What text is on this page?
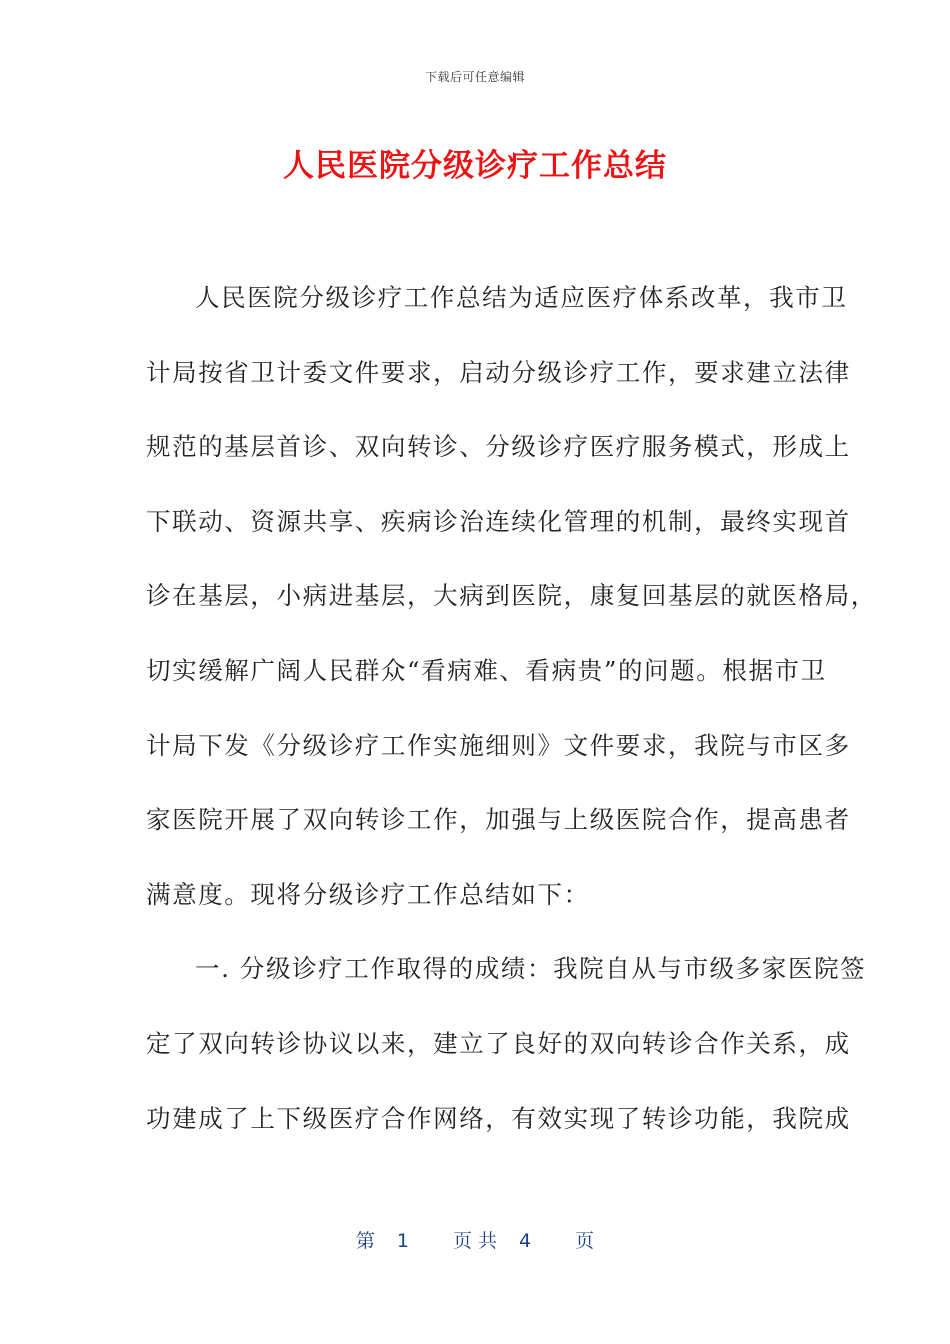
下载后可任意编辑
人民医院分级诊疗工作总结
人民医院分级诊疗工作总结为适应医疗体系改革，我市卫
计局按省卫计委文件要求，启动分级诊疗工作，要求建立法律
规范的基层首诊、双向转诊、分级诊疗医疗服务模式，形成上
下联动、资源共享、疾病诊治连续化管理的机制，最终实现首
诊在基层，小病进基层，大病到医院，康复回基层的就医格局，
切实缓解广阔人民群众“看病难、看病贵”的问题。根据市卫
计局下发《分级诊疗工作实施细则》文件要求，我院与市区多
家医院开展了双向转诊工作，加强与上级医院合作，提高患者
满意度。现将分级诊疗工作总结如下：
一. 分级诊疗工作取得的成绩：我院自从与市级多家医院签
定了双向转诊协议以来，建立了良好的双向转诊合作关系，成
功建成了上下级医疗合作网络，有效实现了转诊功能，我院成
第 1 页 共 4 页
